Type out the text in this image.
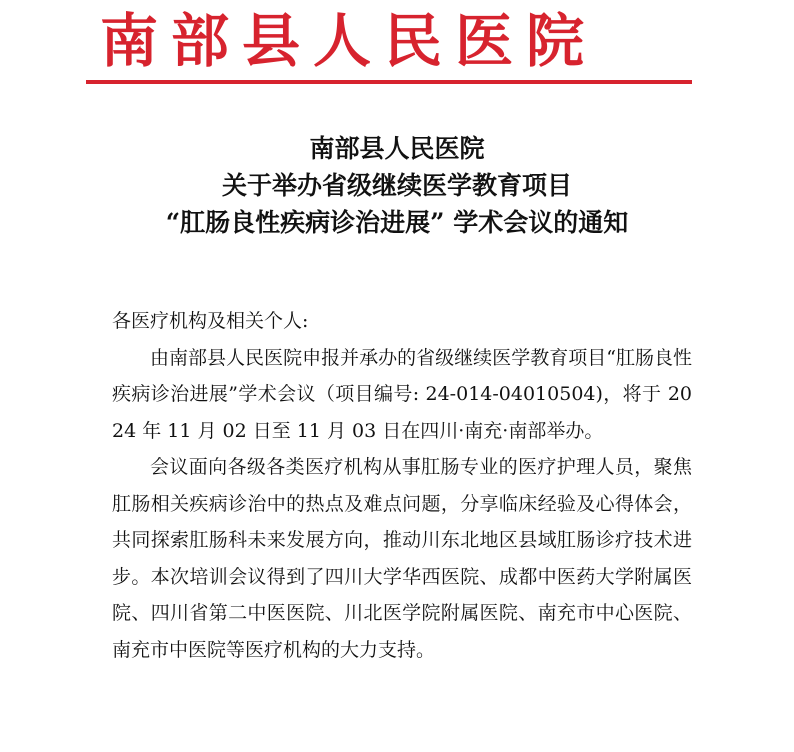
南部县人民医院
南部县人民医院
关于举办省级继续医学教育项目
“肛肠良性疾病诊治进展” 学术会议的通知

各医疗机构及相关个人:

由南部县人民医院申报并承办的省级继续医学教育项目“肛肠良性疾病诊治进展”学术会议（项目编号: 24-014-04010504)，将于 2024 年 11 月 02 日至 11 月 03 日在四川·南充·南部举办。

会议面向各级各类医疗机构从事肛肠专业的医疗护理人员，聚焦肛肠相关疾病诊治中的热点及难点问题，分享临床经验及心得体会，共同探索肛肠科未来发展方向，推动川东北地区县域肛肠诊疗技术进步。本次培训会议得到了四川大学华西医院、成都中医药大学附属医院、四川省第二中医医院、川北医学院附属医院、南充市中心医院、南充市中医院等医疗机构的大力支持。
